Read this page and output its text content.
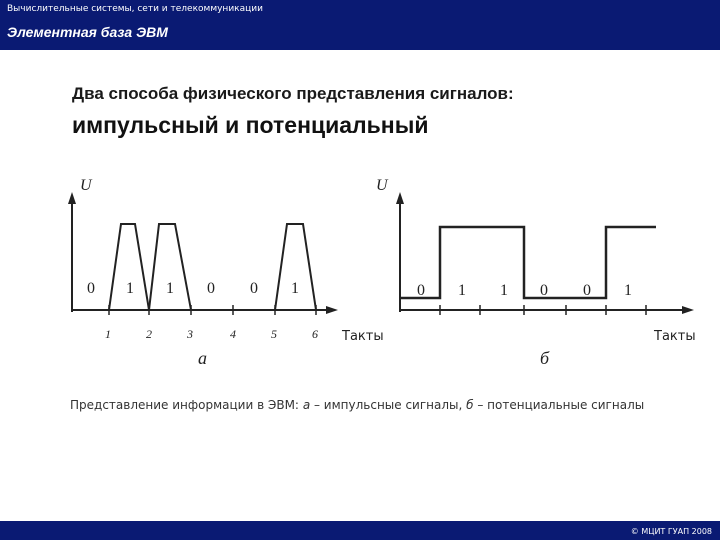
Вычислительные системы, сети и телекоммуникации
Элементная база ЭВМ
Два способа физического представления сигналов:
импульсный и потенциальный
U
Такты
а
0 1 1 0 0 1
1	2	3	4	5	6
U
Такты
б
0 1 1 0 0 1
Представление информации в ЭВМ: а – импульсные сигналы, б – потенциальные сигналы
© МЦИТ ГУАП 2008
